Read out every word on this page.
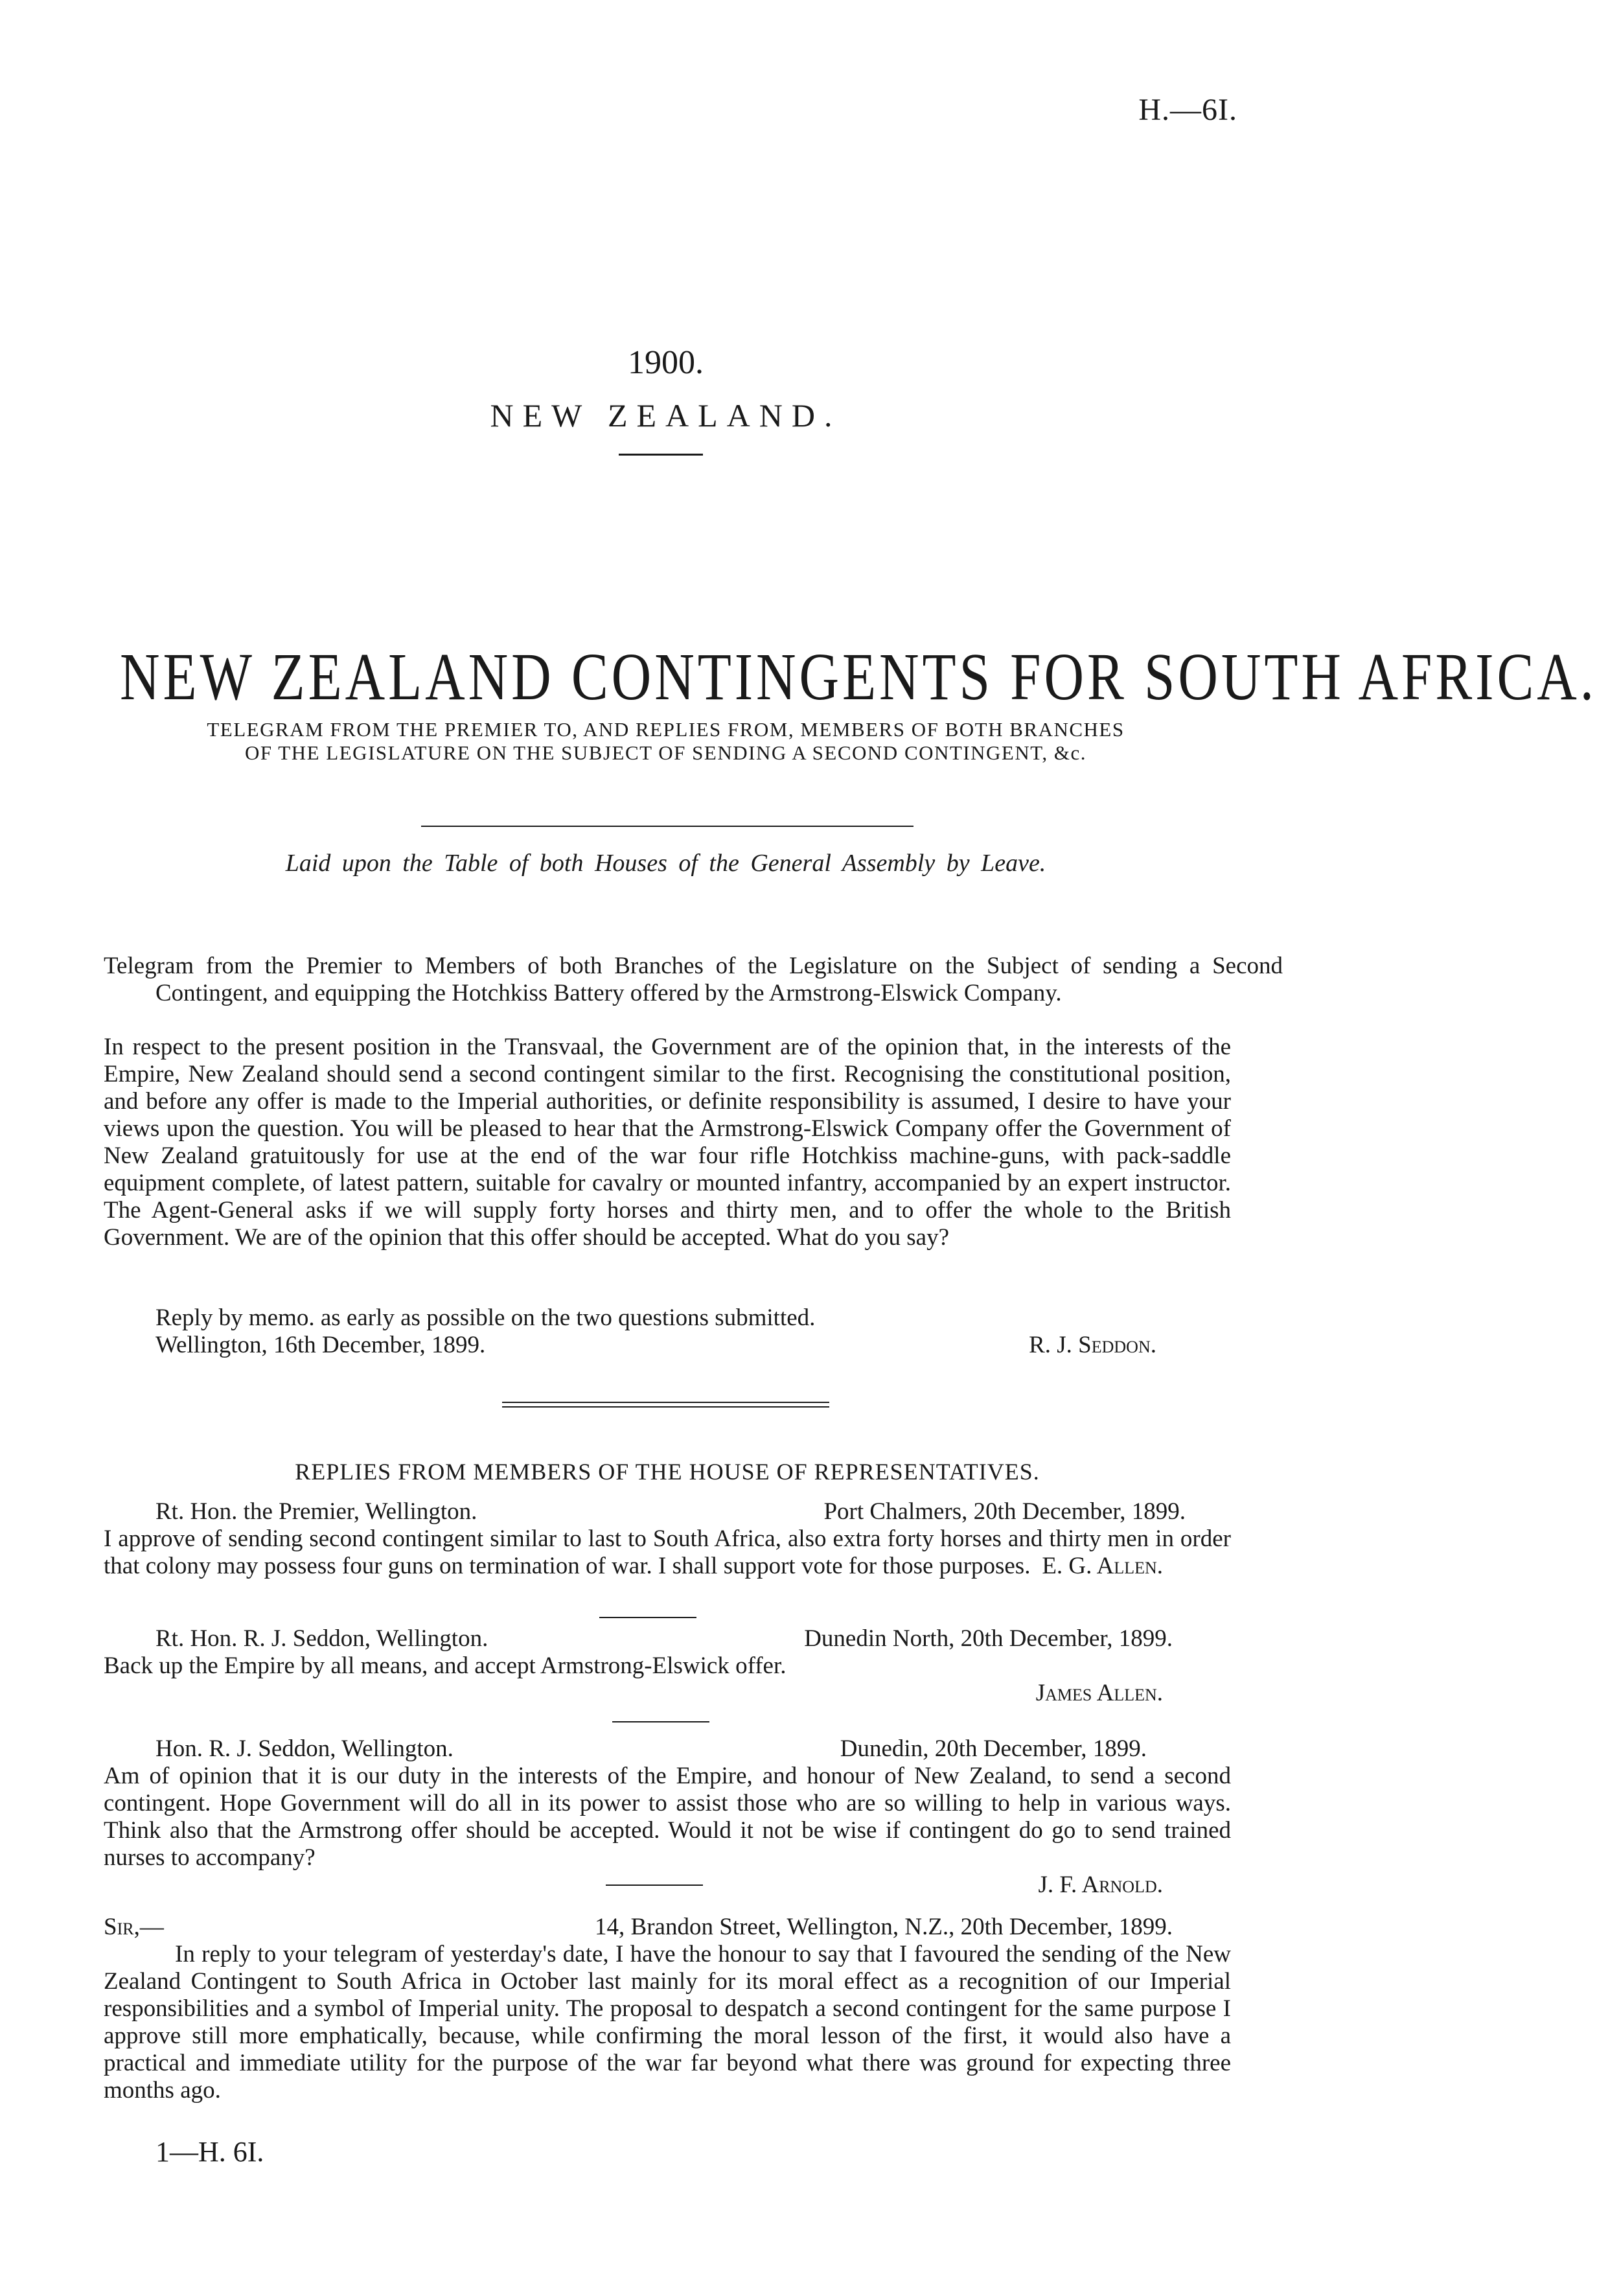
H.—6I.
1900.
NEW ZEALAND.
NEW ZEALAND CONTINGENTS FOR SOUTH AFRICA.
TELEGRAM FROM THE PREMIER TO, AND REPLIES FROM, MEMBERS OF BOTH BRANCHES
OF THE LEGISLATURE ON THE SUBJECT OF SENDING A SECOND CONTINGENT, &c.
Laid upon the Table of both Houses of the General Assembly by Leave.
Telegram from the Premier to Members of both Branches of the Legislature on the Subject of sending a Second Contingent, and equipping the Hotchkiss Battery offered by the Armstrong-Elswick Company.
In respect to the present position in the Transvaal, the Government are of the opinion that, in the interests of the Empire, New Zealand should send a second contingent similar to the first. Recognising the constitutional position, and before any offer is made to the Imperial authorities, or definite responsibility is assumed, I desire to have your views upon the question. You will be pleased to hear that the Armstrong-Elswick Company offer the Government of New Zealand gratuitously for use at the end of the war four rifle Hotchkiss machine-guns, with pack-saddle equipment complete, of latest pattern, suitable for cavalry or mounted infantry, accompanied by an expert instructor. The Agent-General asks if we will supply forty horses and thirty men, and to offer the whole to the British Government. We are of the opinion that this offer should be accepted. What do you say?
Reply by memo. as early as possible on the two questions submitted.
Wellington, 16th December, 1899.	R. J. Seddon.
REPLIES FROM MEMBERS OF THE HOUSE OF REPRESENTATIVES.
Rt. Hon. the Premier, Wellington.	Port Chalmers, 20th December, 1899.
I approve of sending second contingent similar to last to South Africa, also extra forty horses and thirty men in order that colony may possess four guns on termination of war. I shall support vote for those purposes. E. G. Allen.
Rt. Hon. R. J. Seddon, Wellington.	Dunedin North, 20th December, 1899.
Back up the Empire by all means, and accept Armstrong-Elswick offer.
James Allen.
Hon. R. J. Seddon, Wellington.	Dunedin, 20th December, 1899.
Am of opinion that it is our duty in the interests of the Empire, and honour of New Zealand, to send a second contingent. Hope Government will do all in its power to assist those who are so willing to help in various ways. Think also that the Armstrong offer should be accepted. Would it not be wise if contingent do go to send trained nurses to accompany?
J. F. Arnold.
Sir,—	14, Brandon Street, Wellington, N.Z., 20th December, 1899.
In reply to your telegram of yesterday's date, I have the honour to say that I favoured the sending of the New Zealand Contingent to South Africa in October last mainly for its moral effect as a recognition of our Imperial responsibilities and a symbol of Imperial unity. The proposal to despatch a second contingent for the same purpose I approve still more emphatically, because, while confirming the moral lesson of the first, it would also have a practical and immediate utility for the purpose of the war far beyond what there was ground for expecting three months ago.
1—H. 6I.
